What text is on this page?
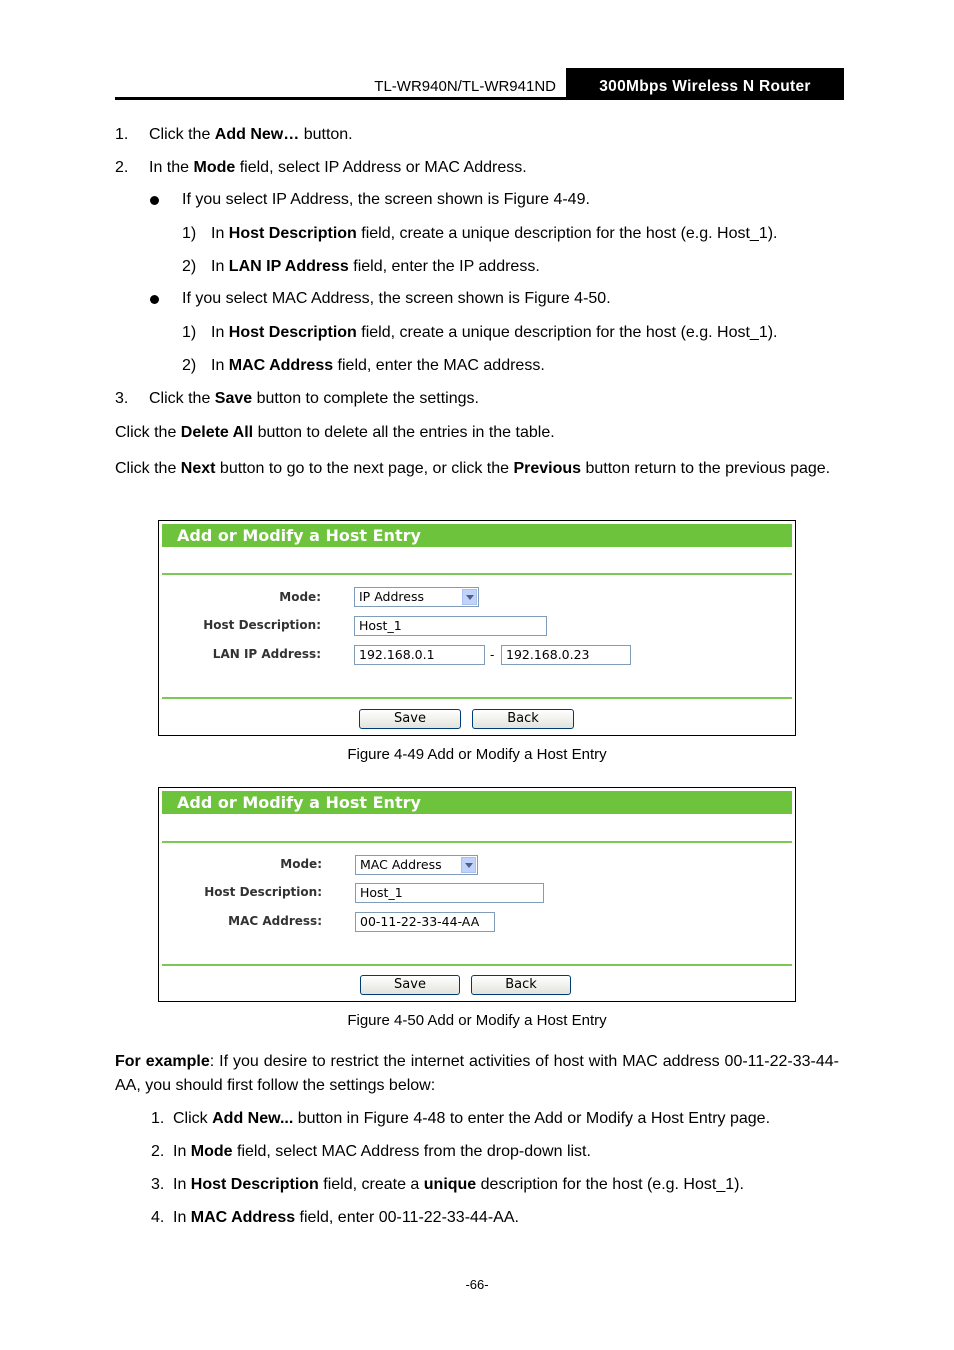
TL-WR940N/TL-WR941ND	300Mbps Wireless N Router
1. Click the Add New… button.
2. In the Mode field, select IP Address or MAC Address.
If you select IP Address, the screen shown is Figure 4-49.
1) In Host Description field, create a unique description for the host (e.g. Host_1).
2) In LAN IP Address field, enter the IP address.
If you select MAC Address, the screen shown is Figure 4-50.
1) In Host Description field, create a unique description for the host (e.g. Host_1).
2) In MAC Address field, enter the MAC address.
3. Click the Save button to complete the settings.
Click the Delete All button to delete all the entries in the table.
Click the Next button to go to the next page, or click the Previous button return to the previous page.
Add or Modify a Host Entry
Mode:	IP Address
Host Description:	Host_1
LAN IP Address:	192.168.0.1	- 192.168.0.23
Save	Back
Figure 4-49 Add or Modify a Host Entry
Add or Modify a Host Entry
Mode:	MAC Address
Host Description:	Host_1
MAC Address:	00-11-22-33-44-AA
Save	Back
Figure 4-50 Add or Modify a Host Entry
For example: If you desire to restrict the internet activities of host with MAC address 00-11-22-33-44-AA, you should first follow the settings below:
1. Click Add New... button in Figure 4-48 to enter the Add or Modify a Host Entry page.
2. In Mode field, select MAC Address from the drop-down list.
3. In Host Description field, create a unique description for the host (e.g. Host_1).
4. In MAC Address field, enter 00-11-22-33-44-AA.
-66-
